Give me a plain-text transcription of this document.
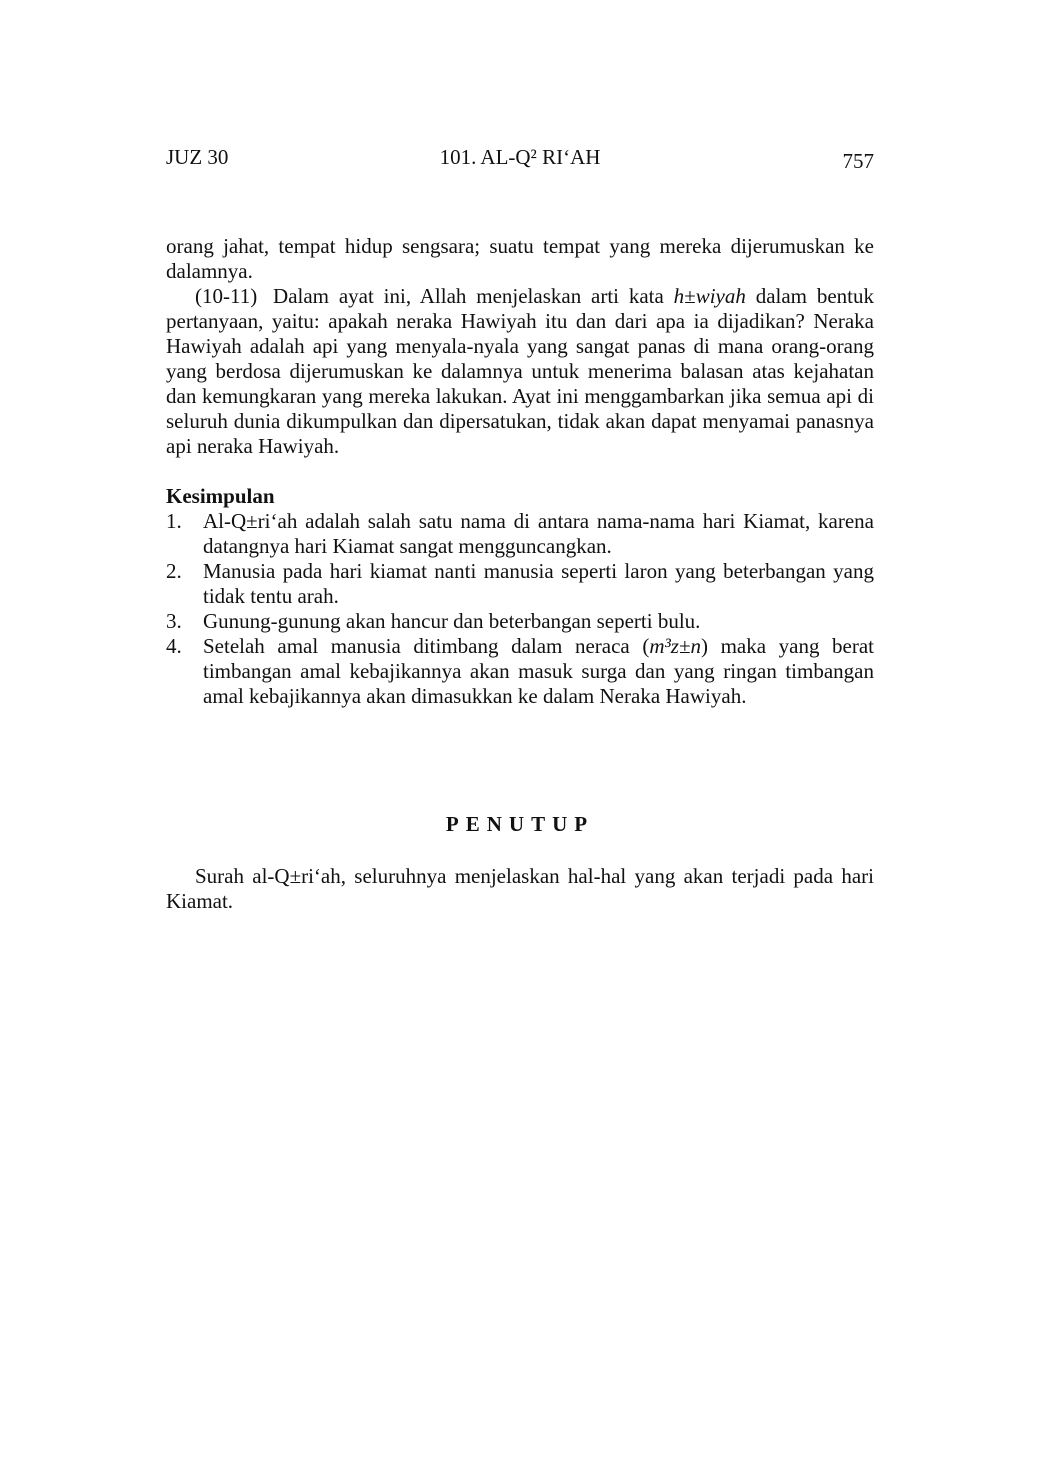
JUZ 30	101. AL-Q² RI‘AH	757

orang jahat, tempat hidup sengsara; suatu tempat yang mereka dijerumuskan ke dalamnya.

(10-11) Dalam ayat ini, Allah menjelaskan arti kata h±wiyah dalam bentuk pertanyaan, yaitu: apakah neraka Hawiyah itu dan dari apa ia dijadikan? Neraka Hawiyah adalah api yang menyala-nyala yang sangat panas di mana orang-orang yang berdosa dijerumuskan ke dalamnya untuk menerima balasan atas kejahatan dan kemungkaran yang mereka lakukan. Ayat ini menggambarkan jika semua api di seluruh dunia dikumpulkan dan dipersatukan, tidak akan dapat menyamai panasnya api neraka Hawiyah.

Kesimpulan
1. Al-Q±ri‘ah adalah salah satu nama di antara nama-nama hari Kiamat, karena datangnya hari Kiamat sangat mengguncangkan.
2. Manusia pada hari kiamat nanti manusia seperti laron yang beterbangan yang tidak tentu arah.
3. Gunung-gunung akan hancur dan beterbangan seperti bulu.
4. Setelah amal manusia ditimbang dalam neraca (m³z±n) maka yang berat timbangan amal kebajikannya akan masuk surga dan yang ringan timbangan amal kebajikannya akan dimasukkan ke dalam Neraka Hawiyah.
PENUTUP

Surah al-Q±ri‘ah, seluruhnya menjelaskan hal-hal yang akan terjadi pada hari Kiamat.
